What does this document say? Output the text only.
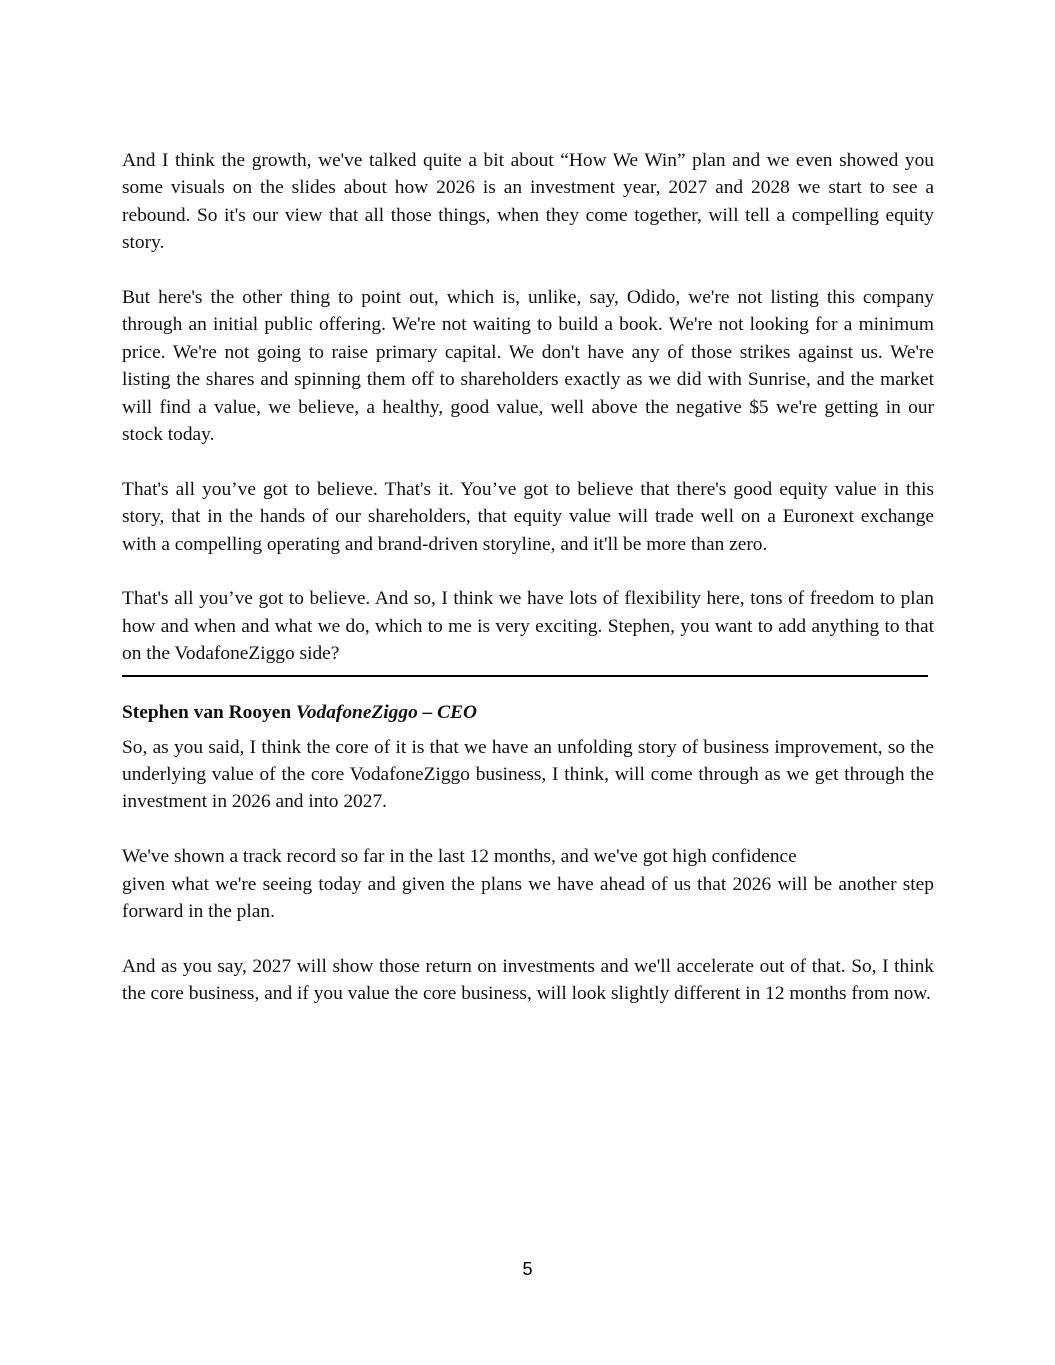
And I think the growth, we've talked quite a bit about “How We Win” plan and we even showed you some visuals on the slides about how 2026 is an investment year, 2027 and 2028 we start to see a rebound. So it's our view that all those things, when they come together, will tell a compelling equity story.

But here's the other thing to point out, which is, unlike, say, Odido, we're not listing this company through an initial public offering. We're not waiting to build a book. We're not looking for a minimum price. We're not going to raise primary capital. We don't have any of those strikes against us. We're listing the shares and spinning them off to shareholders exactly as we did with Sunrise, and the market will find a value, we believe, a healthy, good value, well above the negative $5 we're getting in our stock today.

That's all you’ve got to believe. That's it. You’ve got to believe that there's good equity value in this story, that in the hands of our shareholders, that equity value will trade well on a Euronext exchange with a compelling operating and brand-driven storyline, and it'll be more than zero.

That's all you’ve got to believe. And so, I think we have lots of flexibility here, tons of freedom to plan how and when and what we do, which to me is very exciting. Stephen, you want to add anything to that on the VodafoneZiggo side?

Stephen van Rooyen VodafoneZiggo – CEO

So, as you said, I think the core of it is that we have an unfolding story of business improvement, so the underlying value of the core VodafoneZiggo business, I think, will come through as we get through the investment in 2026 and into 2027.

We've shown a track record so far in the last 12 months, and we've got high confidence

given what we're seeing today and given the plans we have ahead of us that 2026 will be another step forward in the plan.

And as you say, 2027 will show those return on investments and we'll accelerate out of that. So, I think the core business, and if you value the core business, will look slightly different in 12 months from now.

5
